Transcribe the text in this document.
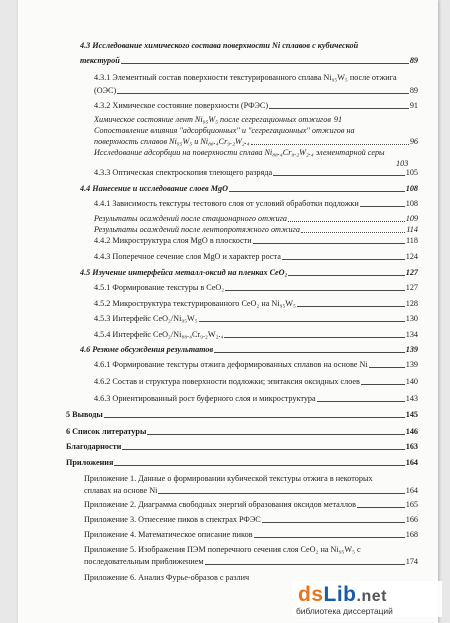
4.3 Исследование химического состава поверхности Ni сплавов с кубической
текстурой	89
4.3.1 Элементный состав поверхности текстурированного сплава Ni₉₅W₅ после отжига
(ОЭС)	89
4.3.2 Химическое состояние поверхности (РФЭС)	91
Химическое состояние лент Ni₉₅W₅ после сегрегационных отжигов 91
Сопоставление влияния "адсорбционных" и "сегрегационных" отжигов на
поверхность сплавов Ni₉₅W₅ и Ni₈₈.₄Cr₉.₂W₂.₄	96
Исследование адсорбции на поверхности сплава Ni₈₈.₄Cr₉.₂W₂.₄ элементарной серы
103
4.3.3 Оптическая спектроскопия тлеющего разряда	105
4.4 Нанесение и исследование слоев MgO	108
4.4.1 Зависимость текстуры тестового слоя от условий обработки подложки	108
Результаты осаждений после стационарного отжига	109
Результаты осаждений после лентопротяжного отжига	114
4.4.2 Микроструктура слоя MgO в плоскости	118
4.4.3 Поперечное сечение слоя MgO и характер роста	124
4.5 Изучение интерфейса металл-оксид на пленках CeO₂	127
4.5.1 Формирование текстуры в CeO₂	127
4.5.2 Микроструктура текстурированного CeO₂ на Ni₉₅W₅	128
4.5.3 Интерфейс CeO₂/Ni₉₅W₅	130
4.5.4 Интерфейс CeO₂/Ni₈₈.₄Cr₉.₂W₂.₄	134
4.6 Резюме обсуждения результатов	139
4.6.1 Формирование текстуры отжига деформированных сплавов на основе Ni	139
4.6.2 Состав и структура поверхности подложки; эпитаксия оксидных слоев	140
4.6.3 Ориентированный рост буферного слоя и микроструктура	143
5 Выводы	145
6 Список литературы	146
Благодарности	163
Приложения	164
Приложение 1. Данные о формировании кубической текстуры отжига в некоторых
сплавах на основе Ni	164
Приложение 2. Диаграмма свободных энергий образования оксидов металлов	165
Приложение 3. Отнесение пиков в спектрах РФЭС	166
Приложение 4. Математическое описание пиков	168
Приложение 5. Изображения ПЭМ поперечного сечения слоя CeO₂ на Ni₉₅W₅ с
последовательным приближением	174
Приложение 6. Анализ Фурье-образов с различ
dsLib.net
библиотека диссертаций
